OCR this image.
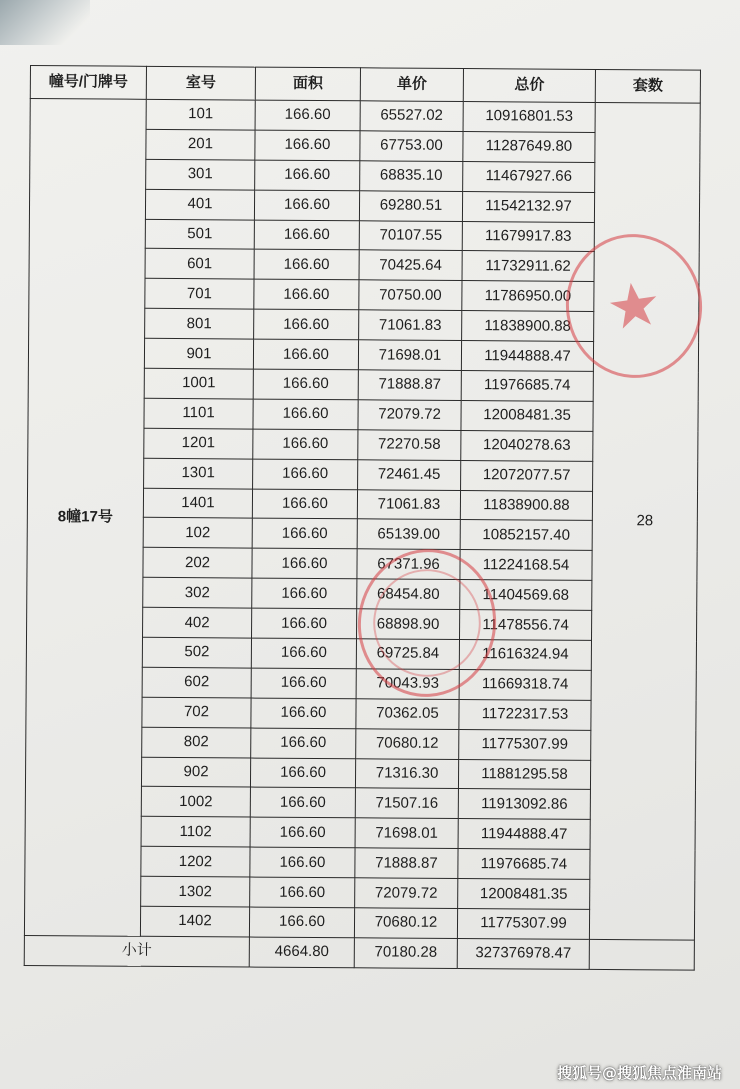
幢号/门牌号	室号	面积	单价	总价	套数
8幢17号	101	166.60	65527.02	10916801.53	28
	201	166.60	67753.00	11287649.80	
	301	166.60	68835.10	11467927.66	
	401	166.60	69280.51	11542132.97	
	501	166.60	70107.55	11679917.83	
	601	166.60	70425.64	11732911.62	
	701	166.60	70750.00	11786950.00	
	801	166.60	71061.83	11838900.88	
	901	166.60	71698.01	11944888.47	
	1001	166.60	71888.87	11976685.74	
	1101	166.60	72079.72	12008481.35	
	1201	166.60	72270.58	12040278.63	
	1301	166.60	72461.45	12072077.57	
	1401	166.60	71061.83	11838900.88	
	102	166.60	65139.00	10852157.40	
	202	166.60	67371.96	11224168.54	
	302	166.60	68454.80	11404569.68	
	402	166.60	68898.90	11478556.74	
	502	166.60	69725.84	11616324.94	
	602	166.60	70043.93	11669318.74	
	702	166.60	70362.05	11722317.53	
	802	166.60	70680.12	11775307.99	
	902	166.60	71316.30	11881295.58	
	1002	166.60	71507.16	11913092.86	
	1102	166.60	71698.01	11944888.47	
	1202	166.60	71888.87	11976685.74	
	1302	166.60	72079.72	12008481.35	
	1402	166.60	70680.12	11775307.99	
小计		4664.80	70180.28	327376978.47	
搜狐号@搜狐焦点淮南站
